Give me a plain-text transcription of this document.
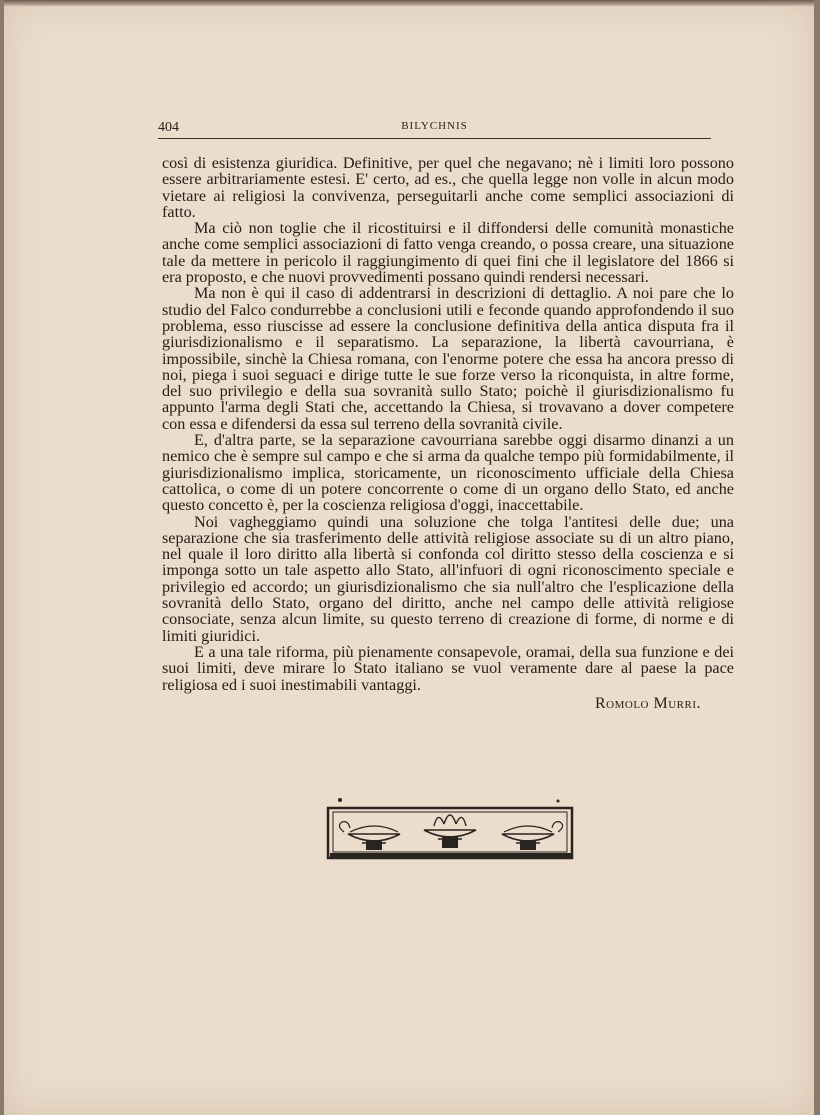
404	BILYCHNIS

così di esistenza giuridica. Definitive, per quel che negavano; nè i limiti loro possono essere arbitrariamente estesi. E' certo, ad es., che quella legge non volle in alcun modo vietare ai religiosi la convivenza, perseguitarli anche come semplici associazioni di fatto.

Ma ciò non toglie che il ricostituirsi e il diffondersi delle comunità monastiche anche come semplici associazioni di fatto venga creando, o possa creare, una situazione tale da mettere in pericolo il raggiungimento di quei fini che il legislatore del 1866 si era proposto, e che nuovi provvedimenti possano quindi rendersi necessari.

Ma non è qui il caso di addentrarsi in descrizioni di dettaglio. A noi pare che lo studio del Falco condurrebbe a conclusioni utili e feconde quando approfondendo il suo problema, esso riuscisse ad essere la conclusione definitiva della antica disputa fra il giurisdizionalismo e il separatismo. La separazione, la libertà cavourriana, è impossibile, sinchè la Chiesa romana, con l'enorme potere che essa ha ancora presso di noi, piega i suoi seguaci e dirige tutte le sue forze verso la riconquista, in altre forme, del suo privilegio e della sua sovranità sullo Stato; poichè il giurisdizionalismo fu appunto l'arma degli Stati che, accettando la Chiesa, si trovavano a dover competere con essa e difendersi da essa sul terreno della sovranità civile.

E, d'altra parte, se la separazione cavourriana sarebbe oggi disarmo dinanzi a un nemico che è sempre sul campo e che si arma da qualche tempo più formidabilmente, il giurisdizionalismo implica, storicamente, un riconoscimento ufficiale della Chiesa cattolica, o come di un potere concorrente o come di un organo dello Stato, ed anche questo concetto è, per la coscienza religiosa d'oggi, inaccettabile.

Noi vagheggiamo quindi una soluzione che tolga l'antitesi delle due; una separazione che sia trasferimento delle attività religiose associate su di un altro piano, nel quale il loro diritto alla libertà si confonda col diritto stesso della coscienza e si imponga sotto un tale aspetto allo Stato, all'infuori di ogni riconoscimento speciale e privilegio ed accordo; un giurisdizionalismo che sia null'altro che l'esplicazione della sovranità dello Stato, organo del diritto, anche nel campo delle attività religiose consociate, senza alcun limite, su questo terreno di creazione di forme, di norme e di limiti giuridici.

E a una tale riforma, più pienamente consapevole, oramai, della sua funzione e dei suoi limiti, deve mirare lo Stato italiano se vuol veramente dare al paese la pace religiosa ed i suoi inestimabili vantaggi.

Romolo Murri.
